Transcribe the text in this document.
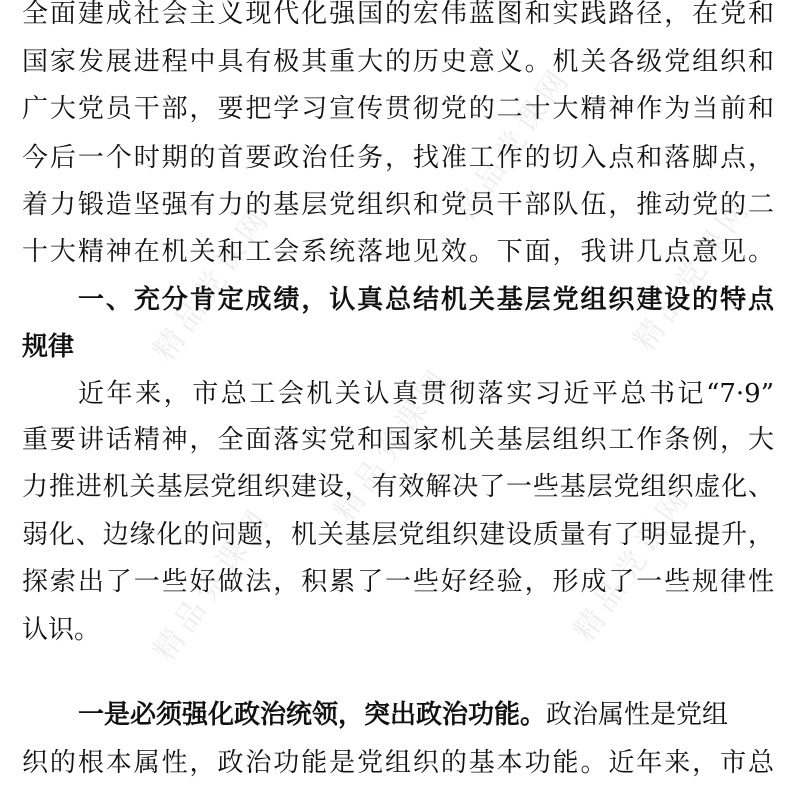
精品党课网
精品党课网
精品党课网
精品党课网	精品党课网
精品党课网
全面建成社会主义现代化强国的宏伟蓝图和实践路径，在党和
国家发展进程中具有极其重大的历史意义。机关各级党组织和
广大党员干部，要把学习宣传贯彻党的二十大精神作为当前和
今后一个时期的首要政治任务，找准工作的切入点和落脚点，
着力锻造坚强有力的基层党组织和党员干部队伍，推动党的二
十大精神在机关和工会系统落地见效。下面，我讲几点意见。
一、充分肯定成绩，认真总结机关基层党组织建设的特点
规律
近年来，市总工会机关认真贯彻落实习近平总书记“7·9”
重要讲话精神，全面落实党和国家机关基层组织工作条例，大
力推进机关基层党组织建设，有效解决了一些基层党组织虚化、
弱化、边缘化的问题，机关基层党组织建设质量有了明显提升，
探索出了一些好做法，积累了一些好经验，形成了一些规律性
认识。
一是必须强化政治统领，突出政治功能。政治属性是党组
织的根本属性，政治功能是党组织的基本功能。近年来，市总
